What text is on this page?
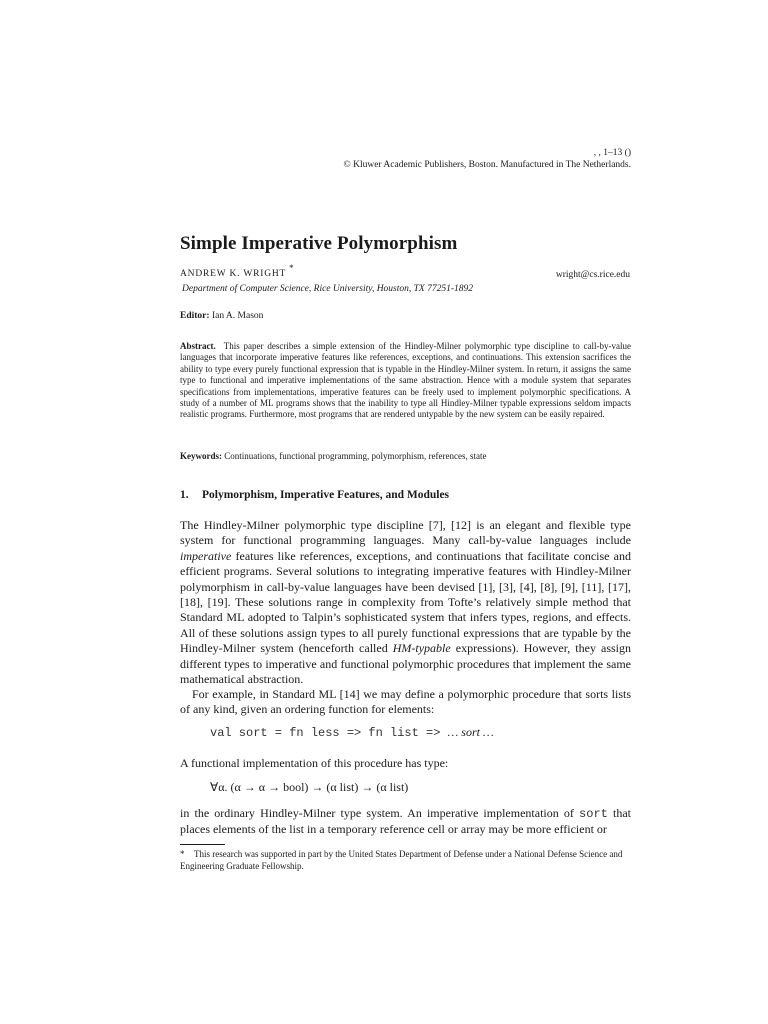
, , 1–13 ()
© Kluwer Academic Publishers, Boston. Manufactured in The Netherlands.
Simple Imperative Polymorphism
ANDREW K. WRIGHT *
wright@cs.rice.edu
Department of Computer Science, Rice University, Houston, TX 77251-1892
Editor: Ian A. Mason
Abstract. This paper describes a simple extension of the Hindley-Milner polymorphic type discipline to call-by-value languages that incorporate imperative features like references, exceptions, and continuations. This extension sacrifices the ability to type every purely functional expression that is typable in the Hindley-Milner system. In return, it assigns the same type to functional and imperative implementations of the same abstraction. Hence with a module system that separates specifications from implementations, imperative features can be freely used to implement polymorphic specifications. A study of a number of ML programs shows that the inability to type all Hindley-Milner typable expressions seldom impacts realistic programs. Furthermore, most programs that are rendered untypable by the new system can be easily repaired.
Keywords: Continuations, functional programming, polymorphism, references, state
1. Polymorphism, Imperative Features, and Modules
The Hindley-Milner polymorphic type discipline [7], [12] is an elegant and flexible type system for functional programming languages. Many call-by-value languages include imperative features like references, exceptions, and continuations that facilitate concise and efficient programs. Several solutions to integrating imperative features with Hindley-Milner polymorphism in call-by-value languages have been devised [1], [3], [4], [8], [9], [11], [17], [18], [19]. These solutions range in complexity from Tofte’s relatively simple method that Standard ML adopted to Talpin’s sophisticated system that infers types, regions, and effects. All of these solutions assign types to all purely functional expressions that are typable by the Hindley-Milner system (henceforth called HM-typable expressions). However, they assign different types to imperative and functional polymorphic procedures that implement the same mathematical abstraction.
For example, in Standard ML [14] we may define a polymorphic procedure that sorts lists of any kind, given an ordering function for elements:
val sort = fn less => fn list => … sort …
A functional implementation of this procedure has type:
∀α. (α → α → bool) → (α list) → (α list)
in the ordinary Hindley-Milner type system. An imperative implementation of sort that places elements of the list in a temporary reference cell or array may be more efficient or
* This research was supported in part by the United States Department of Defense under a National Defense Science and Engineering Graduate Fellowship.
